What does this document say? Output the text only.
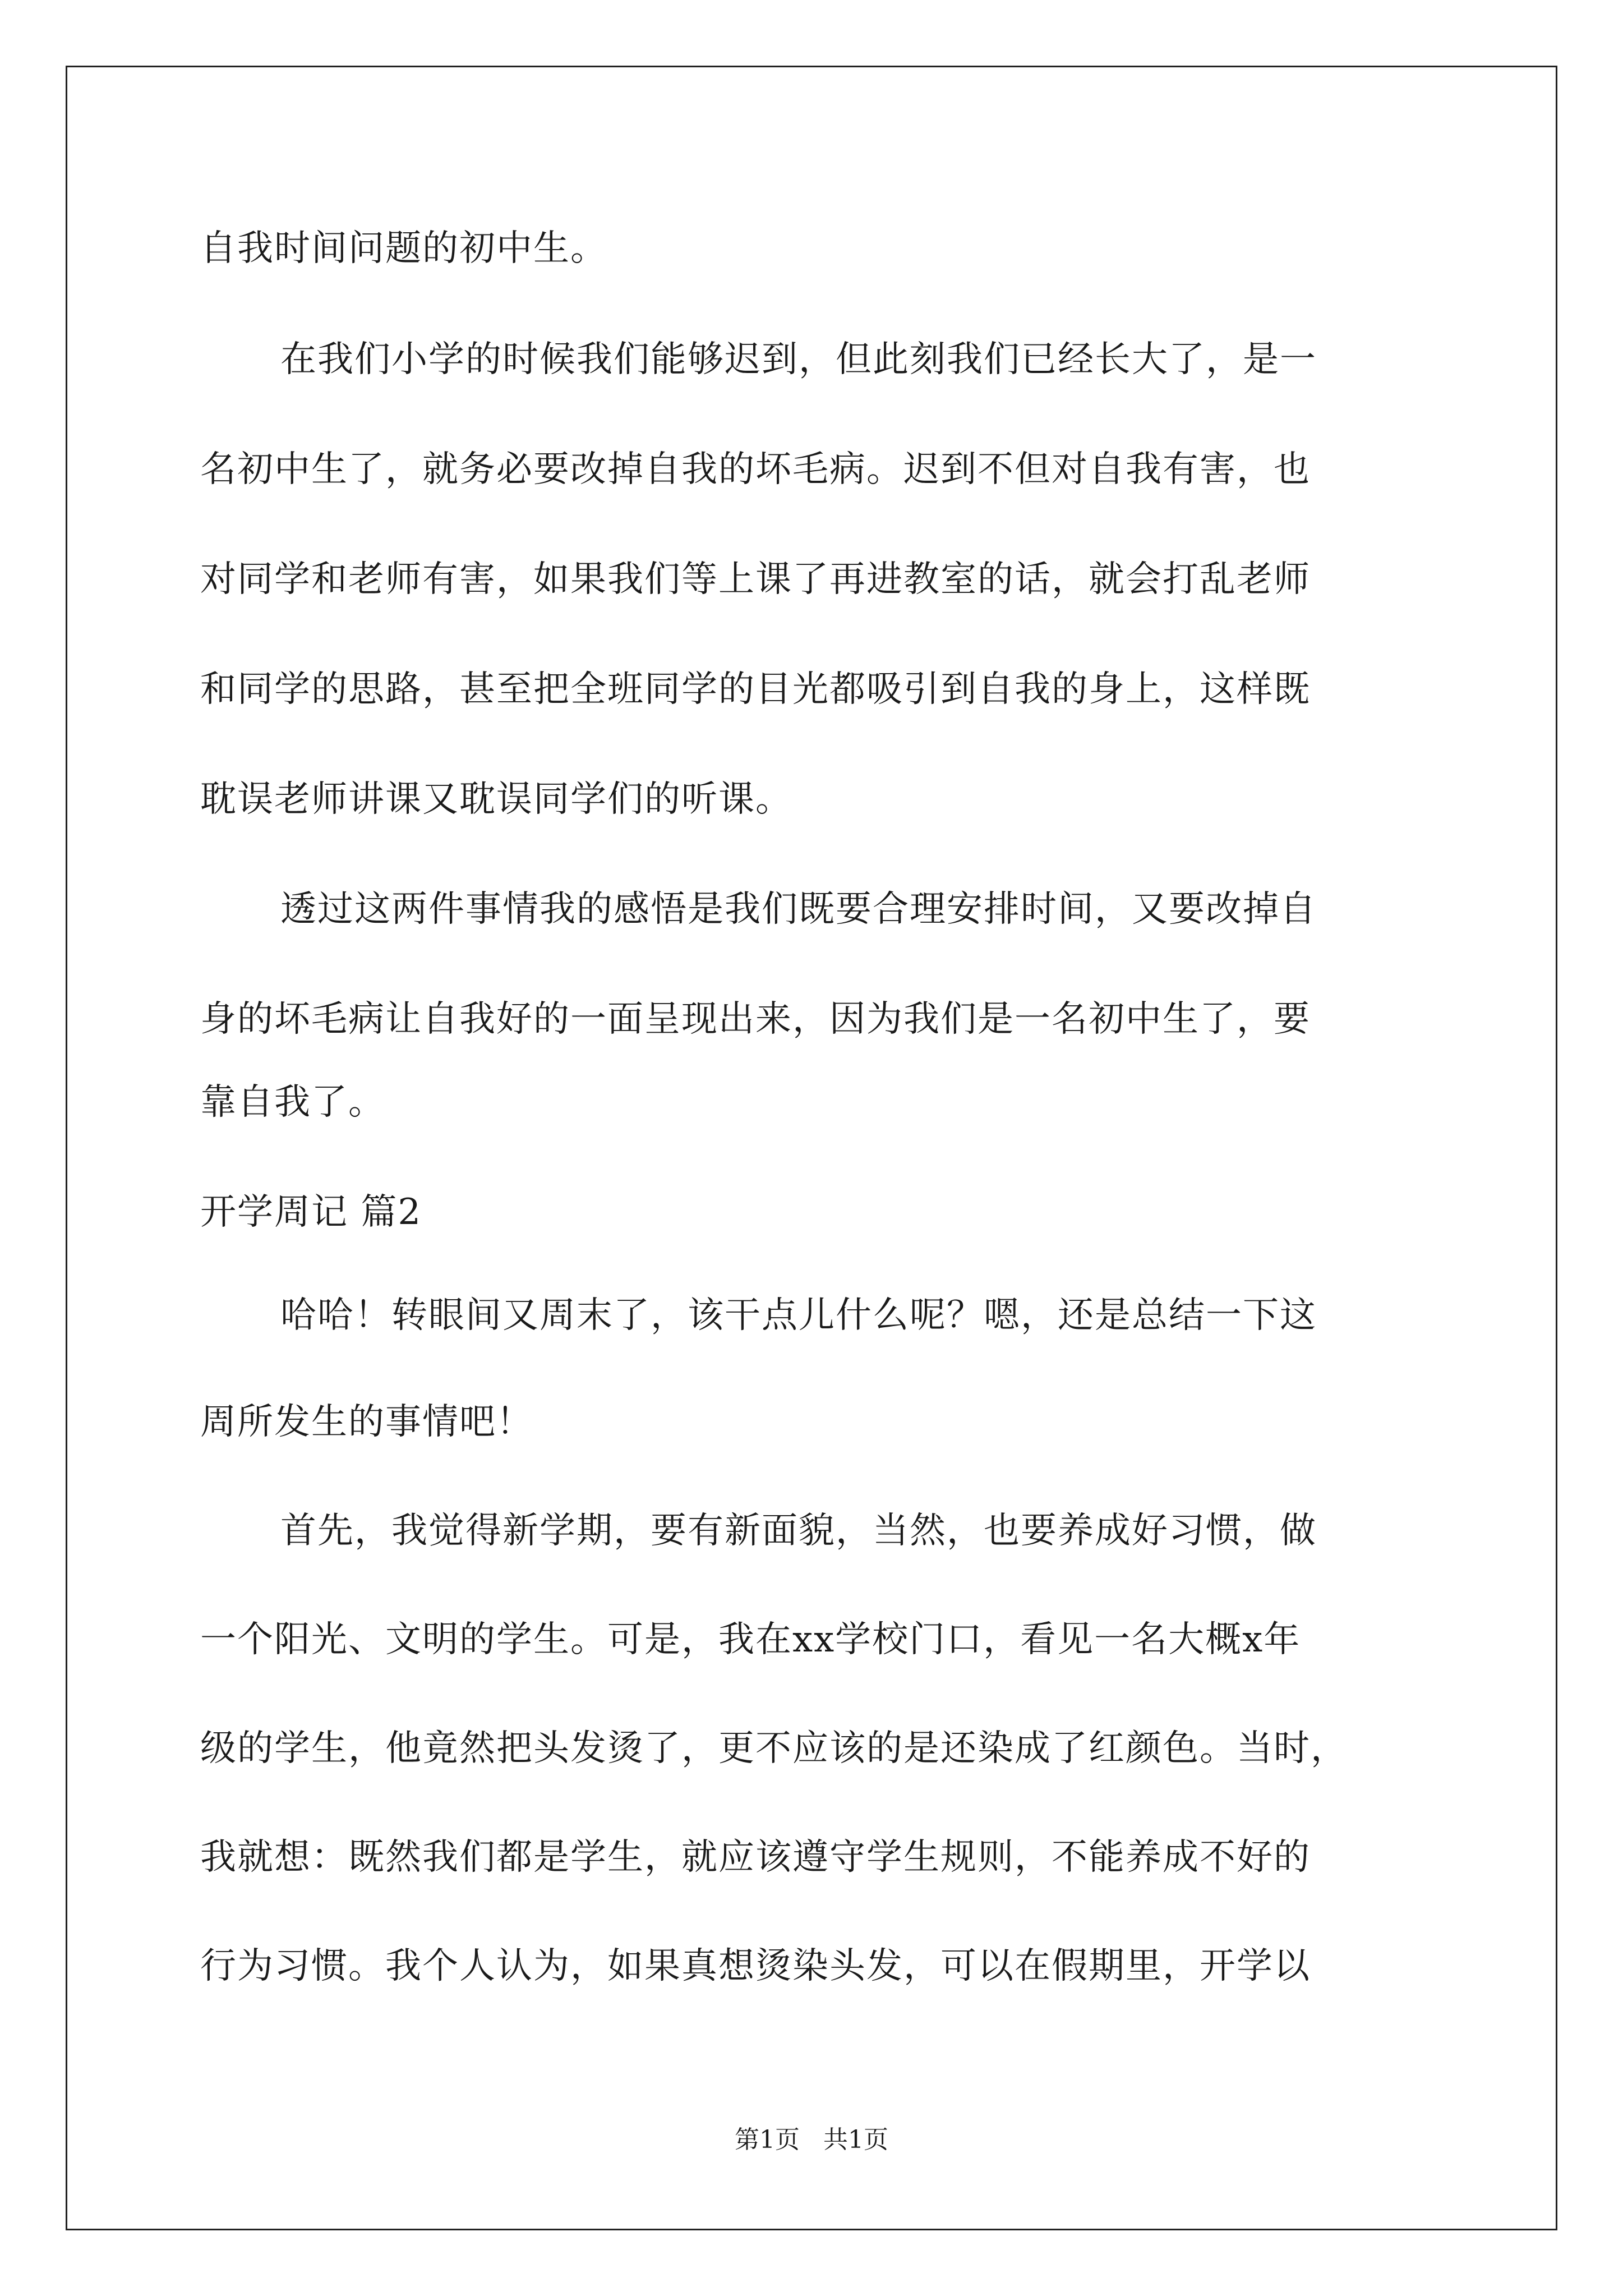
自我时间问题的初中生。
在我们小学的时候我们能够迟到，但此刻我们已经长大了，是一
名初中生了，就务必要改掉自我的坏毛病。迟到不但对自我有害，也
对同学和老师有害，如果我们等上课了再进教室的话，就会打乱老师
和同学的思路，甚至把全班同学的目光都吸引到自我的身上，这样既
耽误老师讲课又耽误同学们的听课。
透过这两件事情我的感悟是我们既要合理安排时间，又要改掉自
身的坏毛病让自我好的一面呈现出来，因为我们是一名初中生了，要
靠自我了。
开学周记 篇2
哈哈！转眼间又周末了，该干点儿什么呢？嗯，还是总结一下这
周所发生的事情吧！
首先，我觉得新学期，要有新面貌，当然，也要养成好习惯，做
一个阳光、文明的学生。可是，我在xx学校门口，看见一名大概x年
级的学生，他竟然把头发烫了，更不应该的是还染成了红颜色。当时，
我就想：既然我们都是学生，就应该遵守学生规则，不能养成不好的
行为习惯。我个人认为，如果真想烫染头发，可以在假期里，开学以
第1页 共1页
